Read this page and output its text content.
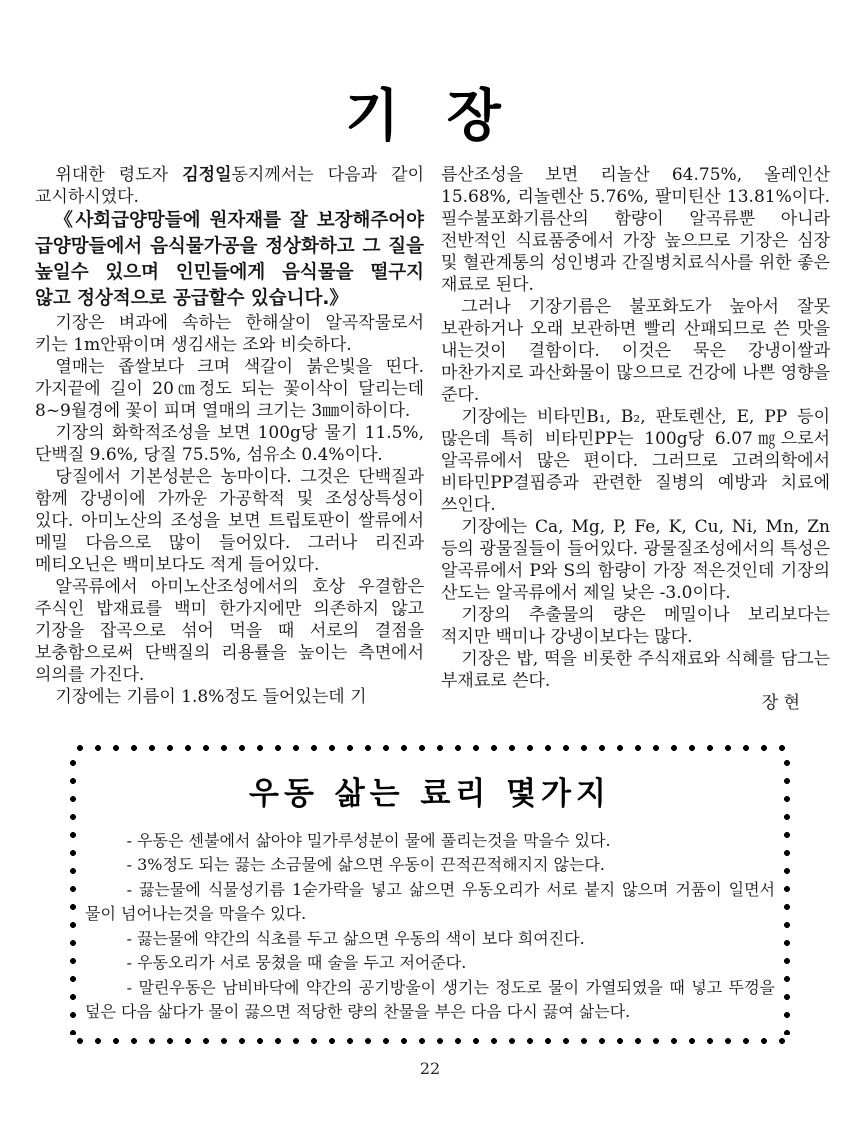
기 장

위대한 령도자 김정일동지께서는 다음과 같이 교시하시였다.

《사회급양망들에 원자재를 잘 보장해주어야 급양망들에서 음식물가공을 정상화하고 그 질을 높일수 있으며 인민들에게 음식물을 떨구지 않고 정상적으로 공급할수 있습니다.》

기장은 벼과에 속하는 한해살이 알곡작물로서 키는 1m안팎이며 생김새는 조와 비슷하다.

열매는 좁쌀보다 크며 색갈이 붉은빛을 띤다. 가지끝에 길이 20㎝정도 되는 꽃이삭이 달리는데 8~9월경에 꽃이 피며 열매의 크기는 3㎜이하이다.

기장의 화학적조성을 보면 100g당 물기 11.5%, 단백질 9.6%, 당질 75.5%, 섬유소 0.4%이다.

당질에서 기본성분은 농마이다. 그것은 단백질과 함께 강냉이에 가까운 가공학적 및 조성상특성이 있다. 아미노산의 조성을 보면 트립토판이 쌀류에서 메밀 다음으로 많이 들어있다. 그러나 리진과 메티오닌은 백미보다도 적게 들어있다.

알곡류에서 아미노산조성에서의 호상 우결함은 주식인 밥재료를 백미 한가지에만 의존하지 않고 기장을 잡곡으로 섞어 먹을 때 서로의 결점을 보충함으로써 단백질의 리용률을 높이는 측면에서 의의를 가진다.

기장에는 기름이 1.8%정도 들어있는데 기

름산조성을 보면 리놀산 64.75%, 올레인산 15.68%, 리놀렌산 5.76%, 팔미틴산 13.81%이다. 필수불포화기름산의 함량이 알곡류뿐 아니라 전반적인 식료품중에서 가장 높으므로 기장은 심장 및 혈관계통의 성인병과 간질병치료식사를 위한 좋은 재료로 된다.

그러나 기장기름은 불포화도가 높아서 잘못 보관하거나 오래 보관하면 빨리 산패되므로 쓴 맛을 내는것이 결함이다. 이것은 묵은 강냉이쌀과 마찬가지로 과산화물이 많으므로 건강에 나쁜 영향을 준다.

기장에는 비타민B₁, B₂, 판토렌산, E, PP 등이 많은데 특히 비타민PP는 100g당 6.07㎎으로서 알곡류에서 많은 편이다. 그러므로 고려의학에서 비타민PP결핍증과 관련한 질병의 예방과 치료에 쓰인다.

기장에는 Ca, Mg, P, Fe, K, Cu, Ni, Mn, Zn 등의 광물질들이 들어있다. 광물질조성에서의 특성은 알곡류에서 P와 S의 함량이 가장 적은것인데 기장의 산도는 알곡류에서 제일 낮은 -3.0이다.

기장의 추출물의 량은 메밀이나 보리보다는 적지만 백미나 강냉이보다는 많다.

기장은 밥, 떡을 비롯한 주식재료와 식혜를 담그는 부재료로 쓴다.

장 현

우동 삶는 료리 몇가지

- 우동은 센불에서 삶아야 밀가루성분이 물에 풀리는것을 막을수 있다.

- 3%정도 되는 끓는 소금물에 삶으면 우동이 끈적끈적해지지 않는다.

- 끓는물에 식물성기름 1숟가락을 넣고 삶으면 우동오리가 서로 붙지 않으며 거품이 일면서 물이 넘어나는것을 막을수 있다.

- 끓는물에 약간의 식초를 두고 삶으면 우동의 색이 보다 희여진다.

- 우동오리가 서로 뭉쳤을 때 술을 두고 저어준다.

- 말린우동은 남비바닥에 약간의 공기방울이 생기는 정도로 물이 가열되였을 때 넣고 뚜껑을 덮은 다음 삶다가 물이 끓으면 적당한 량의 찬물을 부은 다음 다시 끓여 삶는다.

22
